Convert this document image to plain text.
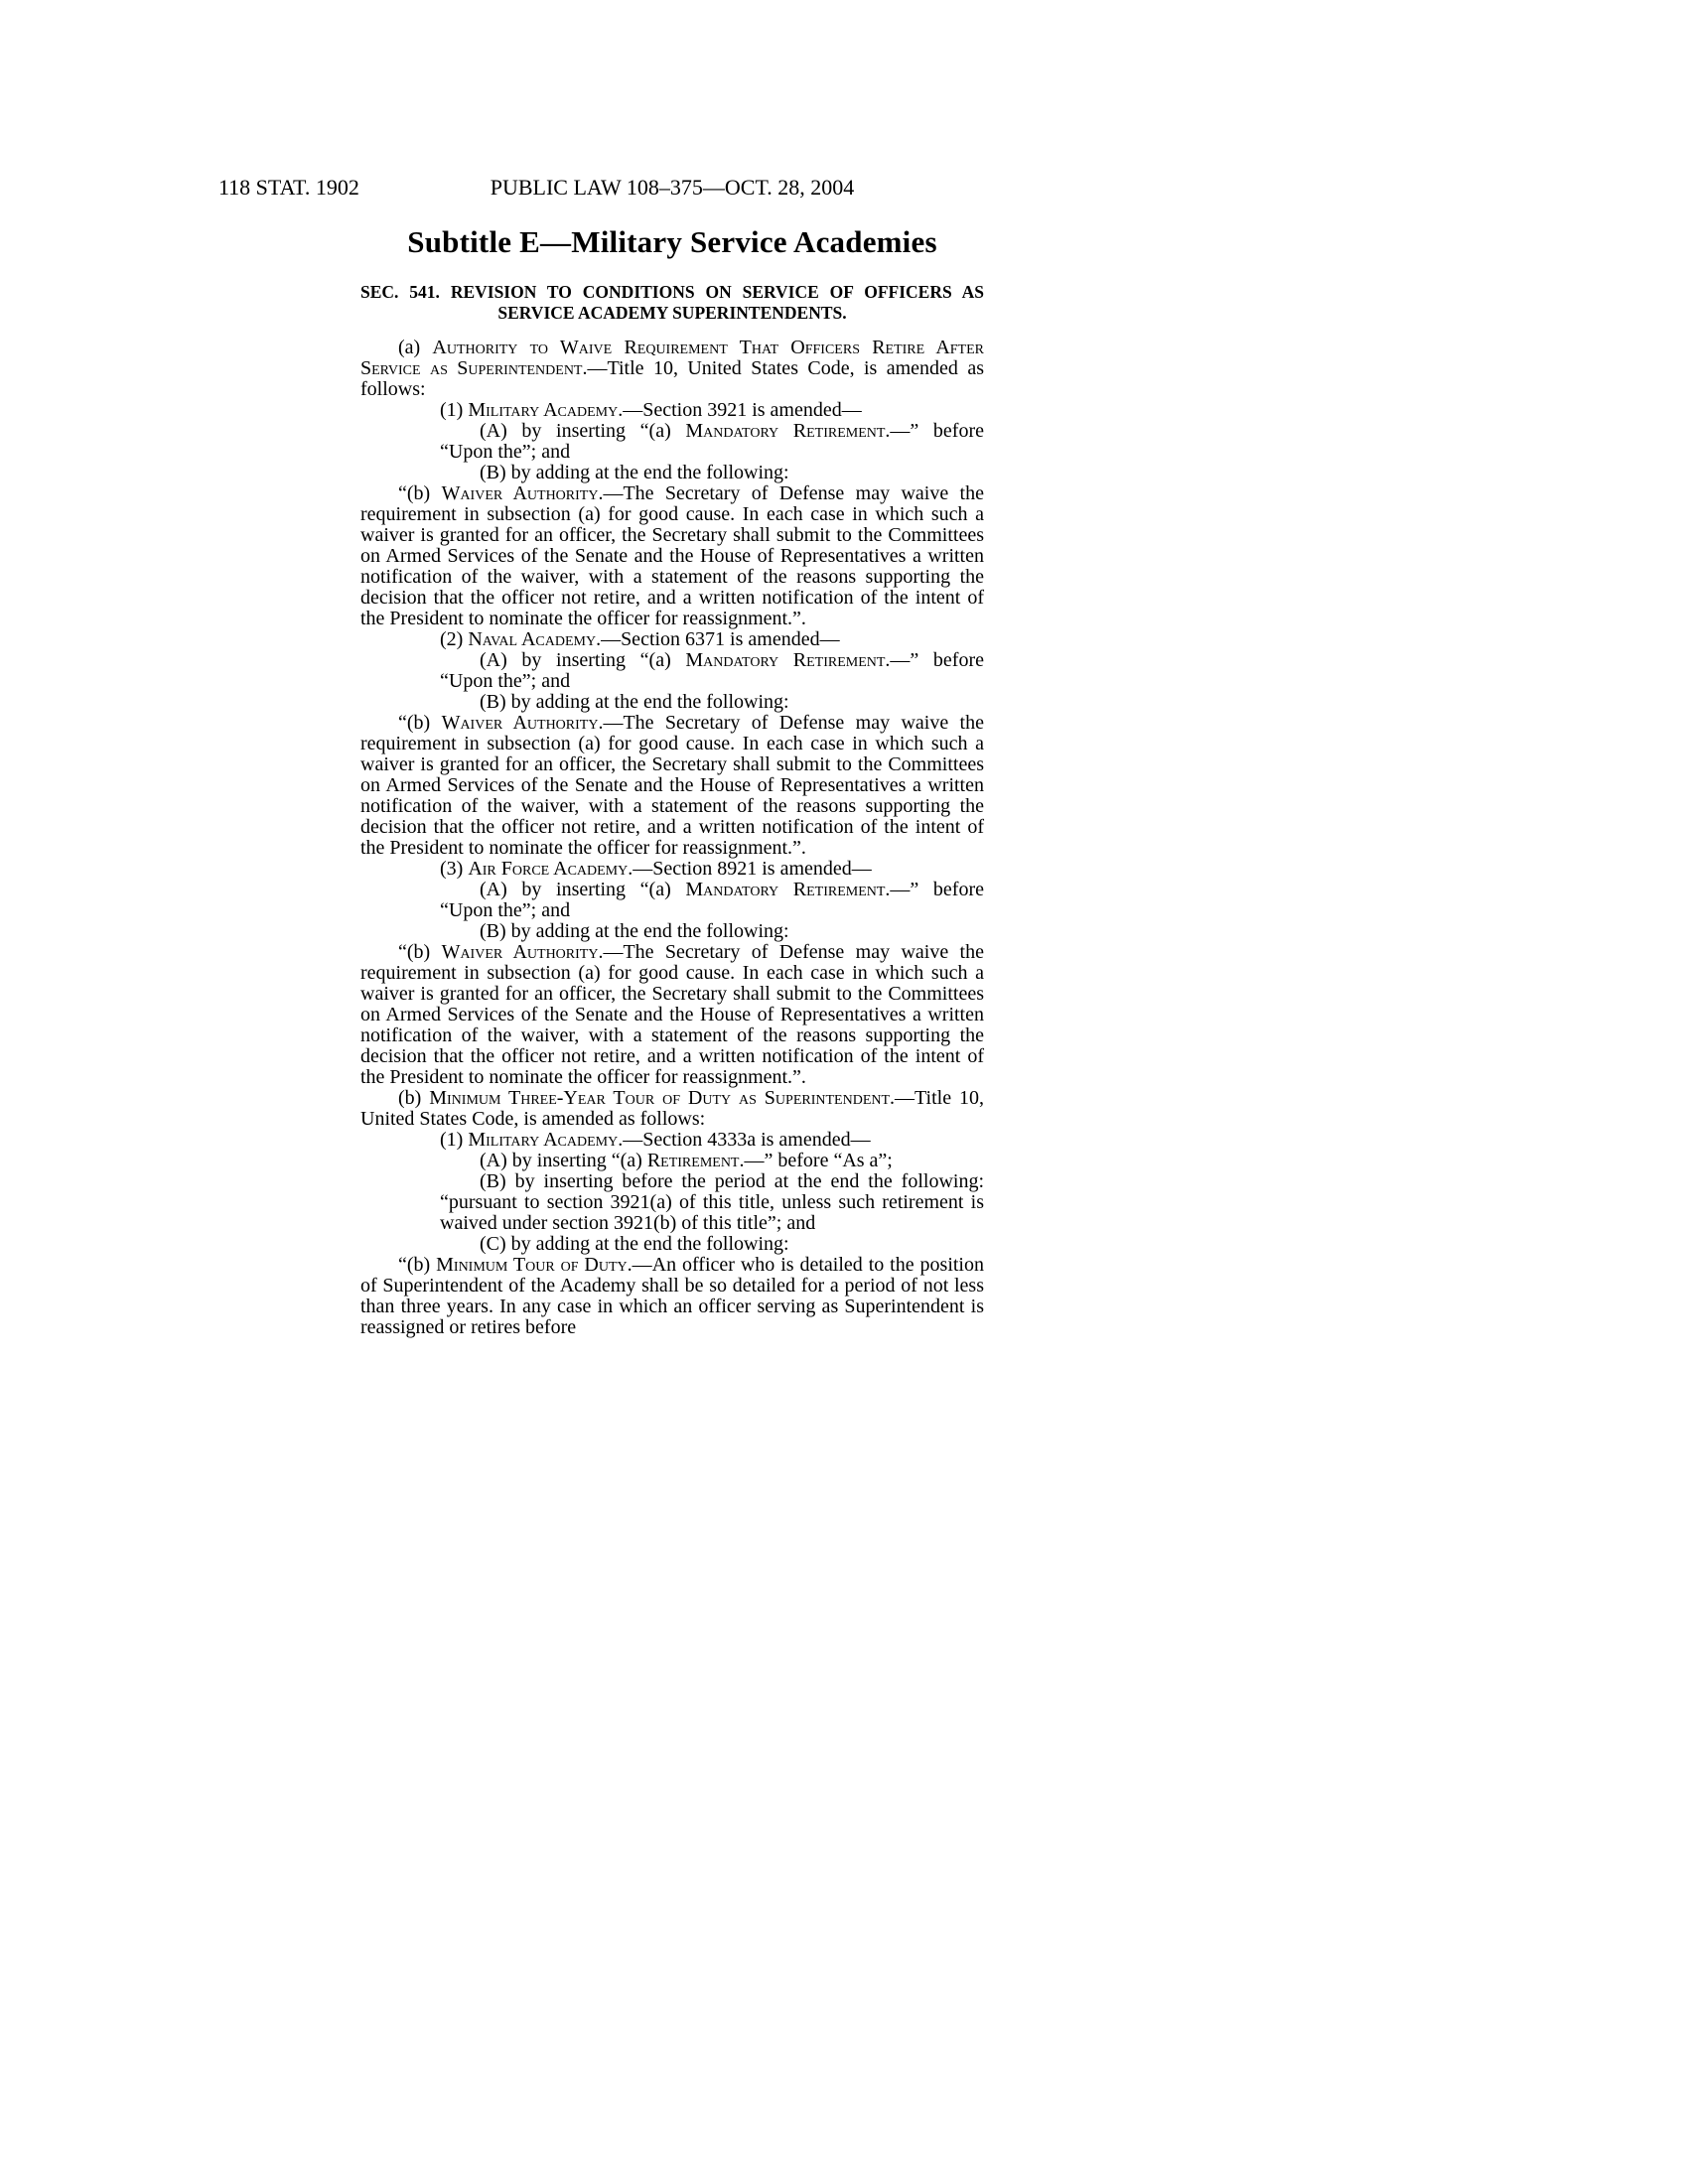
118 STAT. 1902	PUBLIC LAW 108–375—OCT. 28, 2004
Subtitle E—Military Service Academies
SEC. 541. REVISION TO CONDITIONS ON SERVICE OF OFFICERS AS
SERVICE ACADEMY SUPERINTENDENTS.

(a) Authority to Waive Requirement That Officers Retire After Service as Superintendent.—Title 10, United States Code, is amended as follows:

(1) Military Academy.—Section 3921 is amended—

(A) by inserting “(a) Mandatory Retirement.—” before “Upon the”; and

(B) by adding at the end the following:

“(b) Waiver Authority.—The Secretary of Defense may waive the requirement in subsection (a) for good cause. In each case in which such a waiver is granted for an officer, the Secretary shall submit to the Committees on Armed Services of the Senate and the House of Representatives a written notification of the waiver, with a statement of the reasons supporting the decision that the officer not retire, and a written notification of the intent of the President to nominate the officer for reassignment.”.

(2) Naval Academy.—Section 6371 is amended—

(A) by inserting “(a) Mandatory Retirement.—” before “Upon the”; and

(B) by adding at the end the following:

“(b) Waiver Authority.—The Secretary of Defense may waive the requirement in subsection (a) for good cause. In each case in which such a waiver is granted for an officer, the Secretary shall submit to the Committees on Armed Services of the Senate and the House of Representatives a written notification of the waiver, with a statement of the reasons supporting the decision that the officer not retire, and a written notification of the intent of the President to nominate the officer for reassignment.”.

(3) Air Force Academy.—Section 8921 is amended—

(A) by inserting “(a) Mandatory Retirement.—” before “Upon the”; and

(B) by adding at the end the following:

“(b) Waiver Authority.—The Secretary of Defense may waive the requirement in subsection (a) for good cause. In each case in which such a waiver is granted for an officer, the Secretary shall submit to the Committees on Armed Services of the Senate and the House of Representatives a written notification of the waiver, with a statement of the reasons supporting the decision that the officer not retire, and a written notification of the intent of the President to nominate the officer for reassignment.”.

(b) Minimum Three-Year Tour of Duty as Superintendent.—Title 10, United States Code, is amended as follows:

(1) Military Academy.—Section 4333a is amended—

(A) by inserting “(a) Retirement.—” before “As a”;

(B) by inserting before the period at the end the following: “pursuant to section 3921(a) of this title, unless such retirement is waived under section 3921(b) of this title”; and

(C) by adding at the end the following:

“(b) Minimum Tour of Duty.—An officer who is detailed to the position of Superintendent of the Academy shall be so detailed for a period of not less than three years. In any case in which an officer serving as Superintendent is reassigned or retires before
